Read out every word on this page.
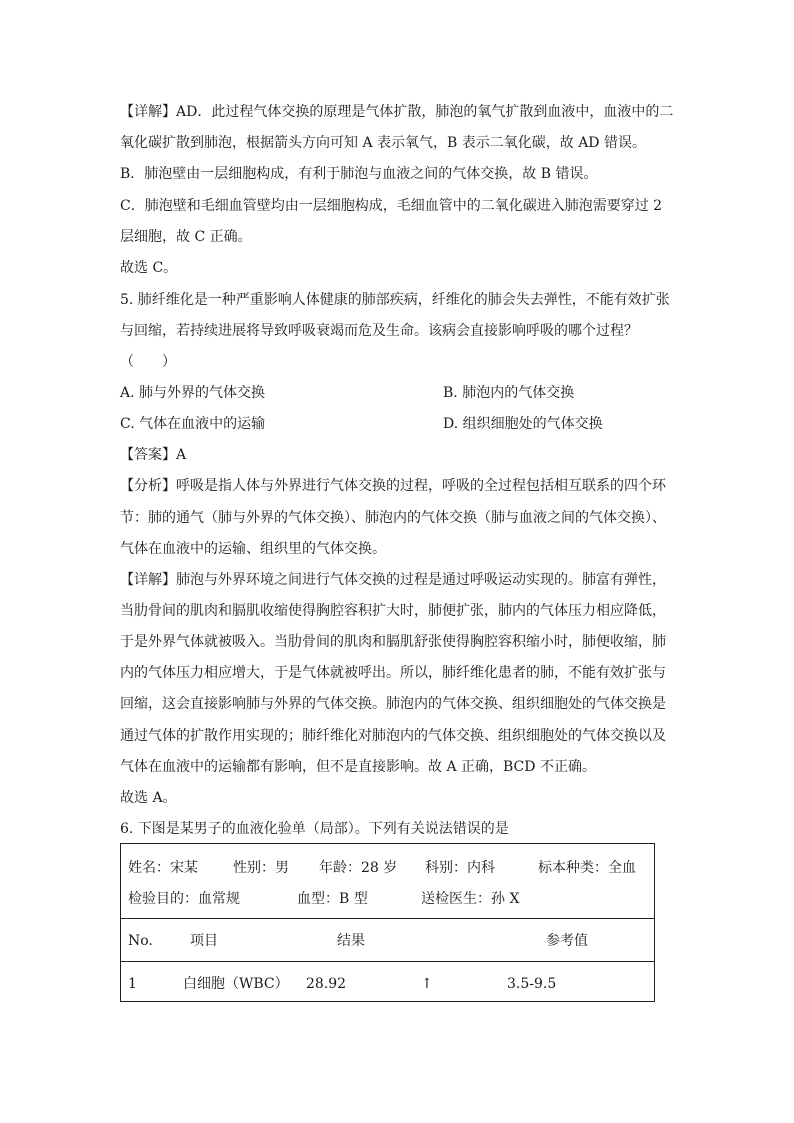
【详解】AD．此过程气体交换的原理是气体扩散，肺泡的氧气扩散到血液中，血液中的二
氧化碳扩散到肺泡，根据箭头方向可知 A 表示氧气，B 表示二氧化碳，故 AD 错误。
B．肺泡壁由一层细胞构成，有利于肺泡与血液之间的气体交换，故 B 错误。
C．肺泡壁和毛细血管壁均由一层细胞构成，毛细血管中的二氧化碳进入肺泡需要穿过 2
层细胞，故 C 正确。
故选 C。
5. 肺纤维化是一种严重影响人体健康的肺部疾病，纤维化的肺会失去弹性，不能有效扩张
与回缩，若持续进展将导致呼吸衰竭而危及生命。该病会直接影响呼吸的哪个过程？
（　　）
A. 肺与外界的气体交换	B. 肺泡内的气体交换
C. 气体在血液中的运输	D. 组织细胞处的气体交换
【答案】A
【分析】呼吸是指人体与外界进行气体交换的过程，呼吸的全过程包括相互联系的四个环
节：肺的通气（肺与外界的气体交换）、肺泡内的气体交换（肺与血液之间的气体交换）、
气体在血液中的运输、组织里的气体交换。
【详解】肺泡与外界环境之间进行气体交换的过程是通过呼吸运动实现的。肺富有弹性，
当肋骨间的肌肉和膈肌收缩使得胸腔容积扩大时，肺便扩张，肺内的气体压力相应降低，
于是外界气体就被吸入。当肋骨间的肌肉和膈肌舒张使得胸腔容积缩小时，肺便收缩，肺
内的气体压力相应增大，于是气体就被呼出。所以，肺纤维化患者的肺，不能有效扩张与
回缩，这会直接影响肺与外界的气体交换。肺泡内的气体交换、组织细胞处的气体交换是
通过气体的扩散作用实现的；肺纤维化对肺泡内的气体交换、组织细胞处的气体交换以及
气体在血液中的运输都有影响，但不是直接影响。故 A 正确，BCD 不正确。
故选 A。
6. 下图是某男子的血液化验单（局部）。下列有关说法错误的是
姓名：宋某	性别：男 年龄：28 岁 科别：内科	标本种类：全血
检验目的：血常规	血型：B 型	送检医生：孙 X
No.	项目	结果	参考值
1	白细胞（WBC） 28.92	↑	3.5-9.5
